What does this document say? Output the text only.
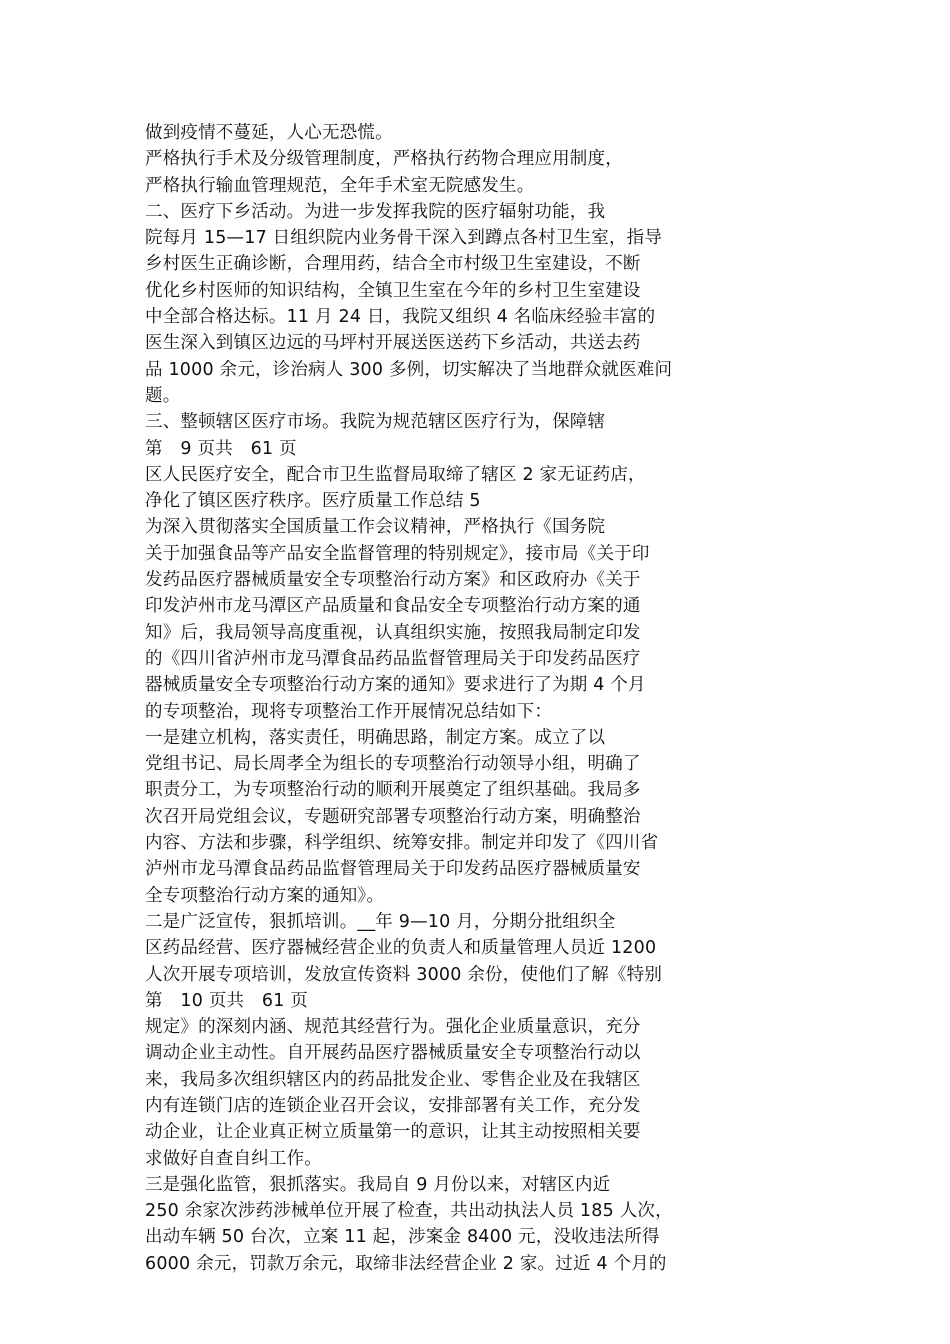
做到疫情不蔓延，人心无恐慌。
严格执行手术及分级管理制度，严格执行药物合理应用制度，
严格执行输血管理规范，全年手术室无院感发生。
二、医疗下乡活动。为进一步发挥我院的医疗辐射功能，我
院每月 15—17 日组织院内业务骨干深入到蹲点各村卫生室，指导
乡村医生正确诊断，合理用药，结合全市村级卫生室建设，不断
优化乡村医师的知识结构，全镇卫生室在今年的乡村卫生室建设
中全部合格达标。11 月 24 日，我院又组织 4 名临床经验丰富的
医生深入到镇区边远的马坪村开展送医送药下乡活动，共送去药
品 1000 余元，诊治病人 300 多例，切实解决了当地群众就医难问
题。
三、整顿辖区医疗市场。我院为规范辖区医疗行为，保障辖
第　9 页共　61 页
区人民医疗安全，配合市卫生监督局取缔了辖区 2 家无证药店，
净化了镇区医疗秩序。医疗质量工作总结 5
为深入贯彻落实全国质量工作会议精神，严格执行《国务院
关于加强食品等产品安全监督管理的特别规定》，接市局《关于印
发药品医疗器械质量安全专项整治行动方案》和区政府办《关于
印发泸州市龙马潭区产品质量和食品安全专项整治行动方案的通
知》后，我局领导高度重视，认真组织实施，按照我局制定印发
的《四川省泸州市龙马潭食品药品监督管理局关于印发药品医疗
器械质量安全专项整治行动方案的通知》要求进行了为期 4 个月
的专项整治，现将专项整治工作开展情况总结如下：
一是建立机构，落实责任，明确思路，制定方案。成立了以
党组书记、局长周孝全为组长的专项整治行动领导小组，明确了
职责分工，为专项整治行动的顺利开展奠定了组织基础。我局多
次召开局党组会议，专题研究部署专项整治行动方案，明确整治
内容、方法和步骤，科学组织、统筹安排。制定并印发了《四川省
泸州市龙马潭食品药品监督管理局关于印发药品医疗器械质量安
全专项整治行动方案的通知》。
二是广泛宣传，狠抓培训。__年 9—10 月，分期分批组织全
区药品经营、医疗器械经营企业的负责人和质量管理人员近 1200
人次开展专项培训，发放宣传资料 3000 余份，使他们了解《特别
第　10 页共　61 页
规定》的深刻内涵、规范其经营行为。强化企业质量意识，充分
调动企业主动性。自开展药品医疗器械质量安全专项整治行动以
来，我局多次组织辖区内的药品批发企业、零售企业及在我辖区
内有连锁门店的连锁企业召开会议，安排部署有关工作，充分发
动企业，让企业真正树立质量第一的意识，让其主动按照相关要
求做好自查自纠工作。
三是强化监管，狠抓落实。我局自 9 月份以来，对辖区内近
250 余家次涉药涉械单位开展了检查，共出动执法人员 185 人次，
出动车辆 50 台次，立案 11 起，涉案金 8400 元，没收违法所得
6000 余元，罚款万余元，取缔非法经营企业 2 家。过近 4 个月的
